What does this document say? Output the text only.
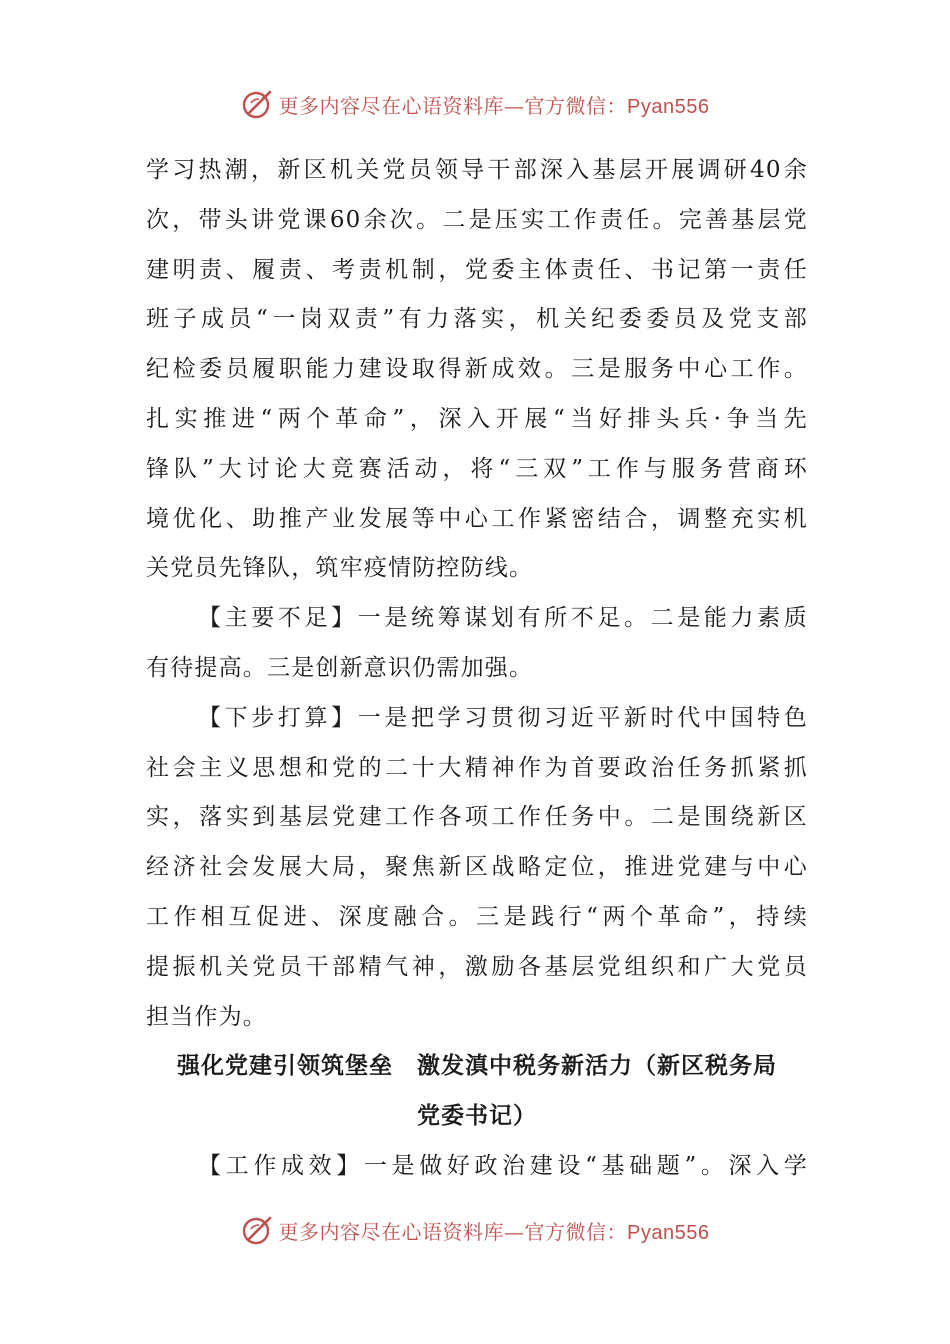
更多内容尽在心语资料库—官方微信：Pyan556

学习热潮，新区机关党员领导干部深入基层开展调研40余

次，带头讲党课60余次。二是压实工作责任。完善基层党

建明责、履责、考责机制，党委主体责任、书记第一责任

班子成员“一岗双责”有力落实，机关纪委委员及党支部

纪检委员履职能力建设取得新成效。三是服务中心工作。

扎实推进“两个革命”，深入开展“当好排头兵·争当先

锋队”大讨论大竞赛活动，将“三双”工作与服务营商环

境优化、助推产业发展等中心工作紧密结合，调整充实机

关党员先锋队，筑牢疫情防控防线。

【主要不足】一是统筹谋划有所不足。二是能力素质

有待提高。三是创新意识仍需加强。

【下步打算】一是把学习贯彻习近平新时代中国特色

社会主义思想和党的二十大精神作为首要政治任务抓紧抓

实，落实到基层党建工作各项工作任务中。二是围绕新区

经济社会发展大局，聚焦新区战略定位，推进党建与中心

工作相互促进、深度融合。三是践行“两个革命”，持续

提振机关党员干部精气神，激励各基层党组织和广大党员

担当作为。

强化党建引领筑堡垒　激发滇中税务新活力（新区税务局
党委书记）

【工作成效】一是做好政治建设“基础题”。深入学

更多内容尽在心语资料库—官方微信：Pyan556
